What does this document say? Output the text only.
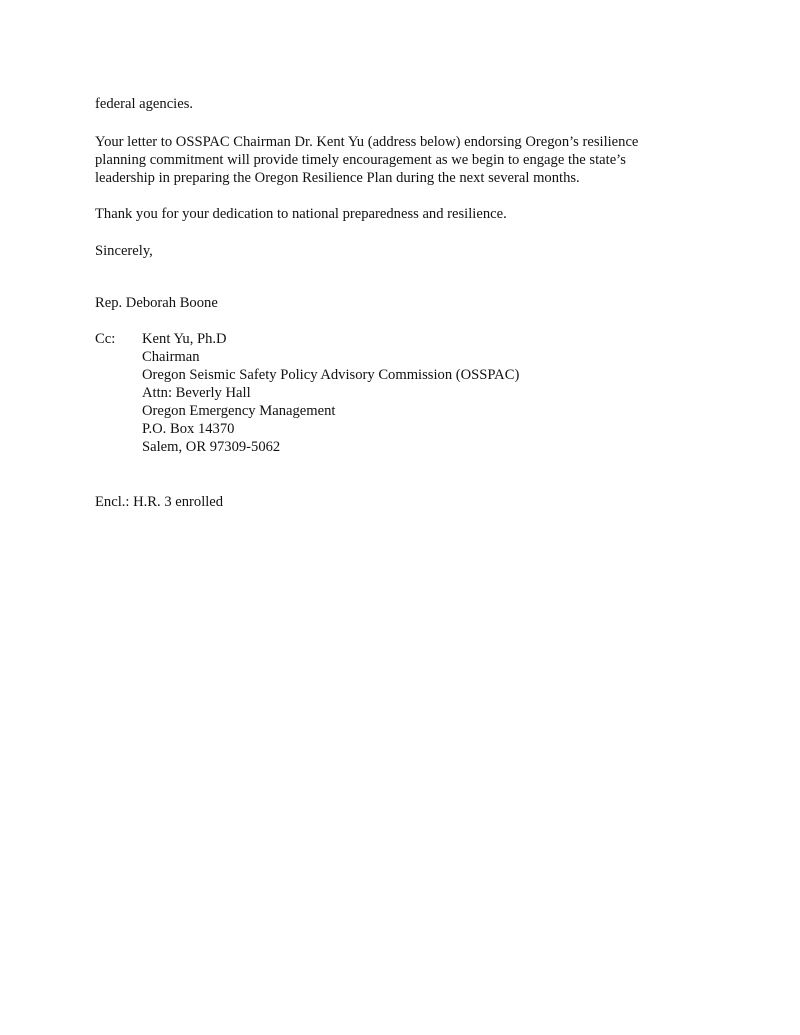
federal agencies.

Your letter to OSSPAC Chairman Dr. Kent Yu (address below) endorsing Oregon’s resilience
planning commitment will provide timely encouragement as we begin to engage the state’s
leadership in preparing the Oregon Resilience Plan during the next several months.

Thank you for your dedication to national preparedness and resilience.

Sincerely,

Rep. Deborah Boone

Cc: Kent Yu, Ph.D
Chairman
Oregon Seismic Safety Policy Advisory Commission (OSSPAC)
Attn: Beverly Hall
Oregon Emergency Management
P.O. Box 14370
Salem, OR 97309-5062

Encl.: H.R. 3 enrolled
